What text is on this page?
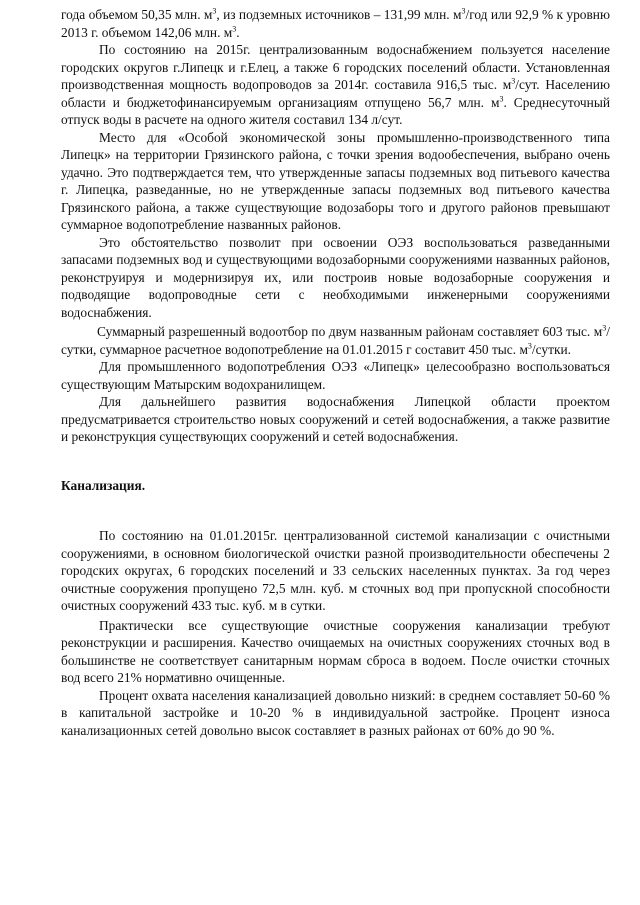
года объемом 50,35 млн. $м^3$, из подземных источников – 131,99 млн. $м^3$/год или 92,9 % к уровню 2013 г. объемом 142,06 млн. $м^3$.

По состоянию на 2015г. централизованным водоснабжением пользуется население городских округов г.Липецк и г.Елец, а также 6 городских поселений области. Установленная производственная мощность водопроводов за 2014г. составила 916,5 тыс. $м^3$/сут. Населению области и бюджетофинансируемым организациям отпущено 56,7 млн. $м^3$. Среднесуточный отпуск воды в расчете на одного жителя составил 134 л/сут.

Место для «Особой экономической зоны промышленно-производственного типа Липецк» на территории Грязинского района, с точки зрения водообеспечения, выбрано очень удачно. Это подтверждается тем, что утвержденные запасы подземных вод питьевого качества г. Липецка, разведанные, но не утвержденные запасы подземных вод питьевого качества Грязинского района, а также существующие водозаборы того и другого районов превышают суммарное водопотребление названных районов.

Это обстоятельство позволит при освоении ОЭЗ воспользоваться разведанными запасами подземных вод и существующими водозаборными сооружениями названных районов, реконструируя и модернизируя их, или построив новые водозаборные сооружения и подводящие водопроводные сети с необходимыми инженерными сооружениями водоснабжения.

Суммарный разрешенный водоотбор по двум названным районам составляет 603 тыс. $м^3$/сутки, суммарное расчетное водопотребление на 01.01.2015 г составит 450 тыс. $м^3$/сутки.

Для промышленного водопотребления ОЭЗ «Липецк» целесообразно воспользоваться существующим Матырским водохранилищем.

Для дальнейшего развития водоснабжения Липецкой области проектом предусматривается строительство новых сооружений и сетей водоснабжения, а также развитие и реконструкция существующих сооружений и сетей водоснабжения.

Канализация.

По состоянию на 01.01.2015г. централизованной системой канализации с очистными сооружениями, в основном биологической очистки разной производительности обеспечены 2 городских округах, 6 городских поселений и 33 сельских населенных пунктах. За год через очистные сооружения пропущено 72,5 млн. куб. м сточных вод при пропускной способности очистных сооружений 433 тыс. куб. м в сутки.

Практически все существующие очистные сооружения канализации требуют реконструкции и расширения. Качество очищаемых на очистных сооружениях сточных вод в большинстве не соответствует санитарным нормам сброса в водоем. После очистки сточных вод всего 21% нормативно очищенные.

Процент охвата населения канализацией довольно низкий: в среднем составляет 50-60 % в капитальной застройке и 10-20 % в индивидуальной застройке. Процент износа канализационных сетей довольно высок составляет в разных районах от 60% до 90 %.
